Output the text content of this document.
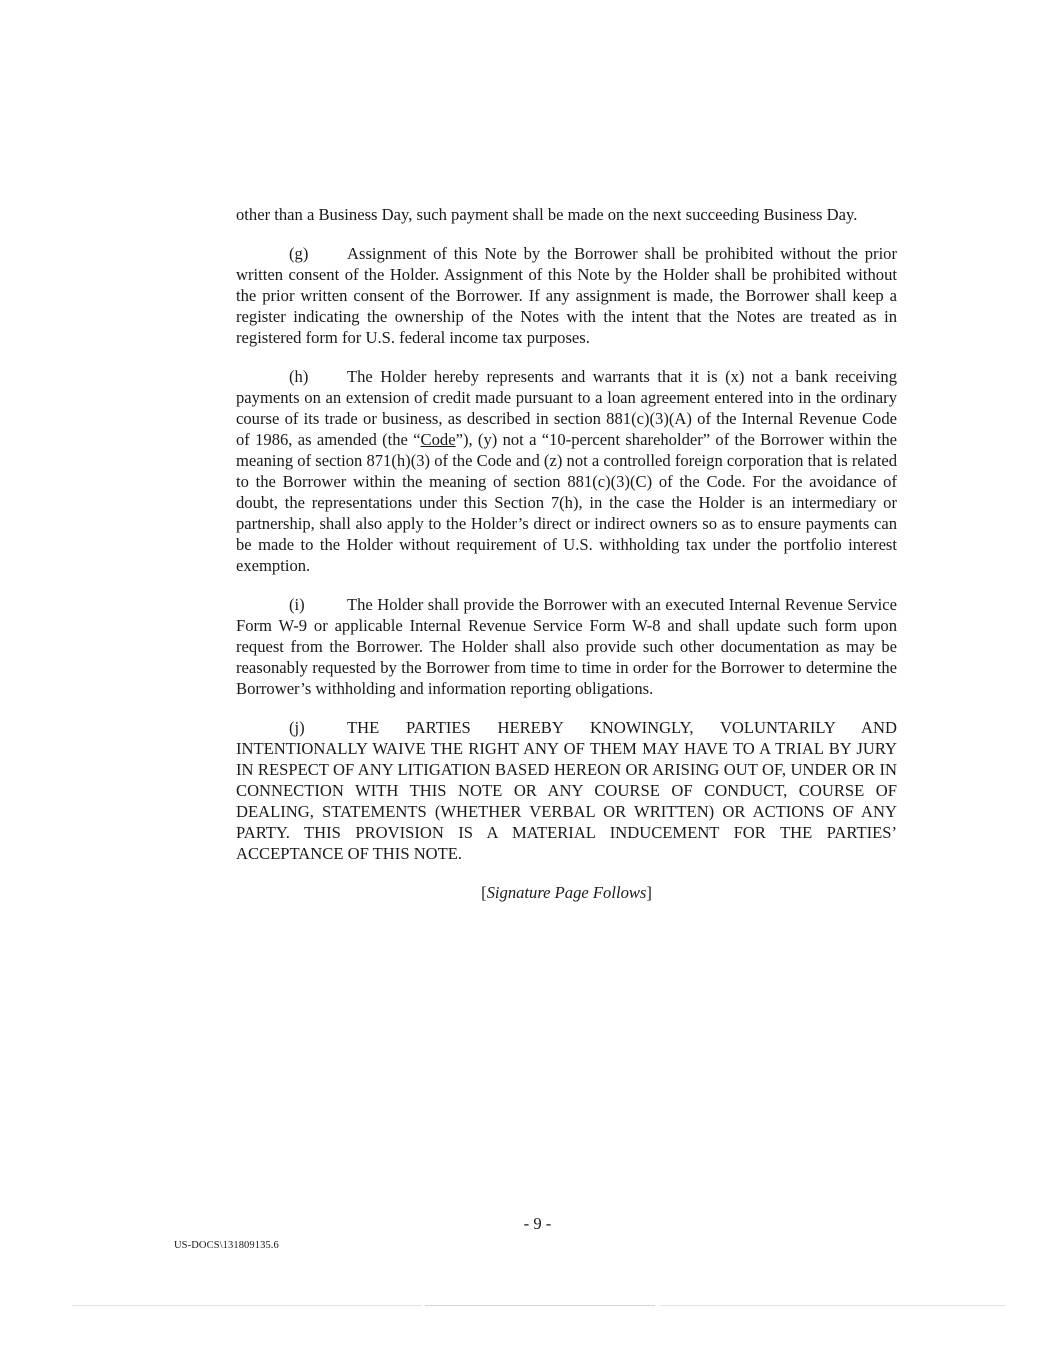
other than a Business Day, such payment shall be made on the next succeeding Business Day.

(g) Assignment of this Note by the Borrower shall be prohibited without the prior written consent of the Holder. Assignment of this Note by the Holder shall be prohibited without the prior written consent of the Borrower. If any assignment is made, the Borrower shall keep a register indicating the ownership of the Notes with the intent that the Notes are treated as in registered form for U.S. federal income tax purposes.

(h) The Holder hereby represents and warrants that it is (x) not a bank receiving payments on an extension of credit made pursuant to a loan agreement entered into in the ordinary course of its trade or business, as described in section 881(c)(3)(A) of the Internal Revenue Code of 1986, as amended (the “Code”), (y) not a “10-percent shareholder” of the Borrower within the meaning of section 871(h)(3) of the Code and (z) not a controlled foreign corporation that is related to the Borrower within the meaning of section 881(c)(3)(C) of the Code. For the avoidance of doubt, the representations under this Section 7(h), in the case the Holder is an intermediary or partnership, shall also apply to the Holder’s direct or indirect owners so as to ensure payments can be made to the Holder without requirement of U.S. withholding tax under the portfolio interest exemption.

(i)	The Holder shall provide the Borrower with an executed Internal Revenue Service Form W-9 or applicable Internal Revenue Service Form W-8 and shall update such form upon request from the Borrower. The Holder shall also provide such other documentation as may be reasonably requested by the Borrower from time to time in order for the Borrower to determine the Borrower’s withholding and information reporting obligations.

(j)	THE PARTIES HEREBY KNOWINGLY, VOLUNTARILY AND INTENTIONALLY WAIVE THE RIGHT ANY OF THEM MAY HAVE TO A TRIAL BY JURY IN RESPECT OF ANY LITIGATION BASED HEREON OR ARISING OUT OF, UNDER OR IN CONNECTION WITH THIS NOTE OR ANY COURSE OF CONDUCT, COURSE OF DEALING, STATEMENTS (WHETHER VERBAL OR WRITTEN) OR ACTIONS OF ANY PARTY. THIS PROVISION IS A MATERIAL INDUCEMENT FOR THE PARTIES’ ACCEPTANCE OF THIS NOTE.

[Signature Page Follows]

- 9 -
US-DOCS\131809135.6
